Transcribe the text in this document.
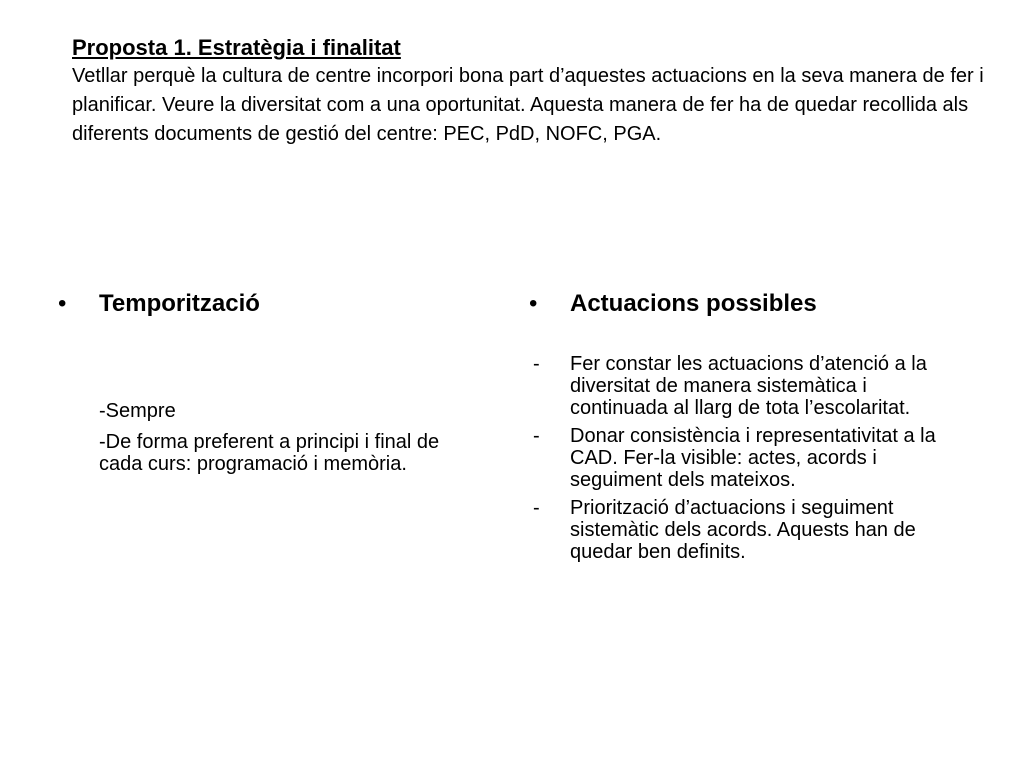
Proposta 1. Estratègia i finalitat

Vetllar perquè la cultura de centre incorpori bona part d’aquestes actuacions en la seva manera de fer i planificar. Veure la diversitat com a una oportunitat. Aquesta manera de fer ha de quedar recollida als diferents documents de gestió del centre: PEC, PdD, NOFC, PGA.

•	Temporització
-Sempre
-De forma preferent a principi i final de cada curs: programació i memòria.
•	Actuacions possibles
-	Fer constar les actuacions d’atenció a la diversitat de manera sistemàtica i continuada al llarg de tota l’escolaritat.
-	Donar consistència i representativitat a la CAD. Fer-la visible: actes, acords i seguiment dels mateixos.
-	Priorització d’actuacions i seguiment sistemàtic dels acords. Aquests han de quedar ben definits.
